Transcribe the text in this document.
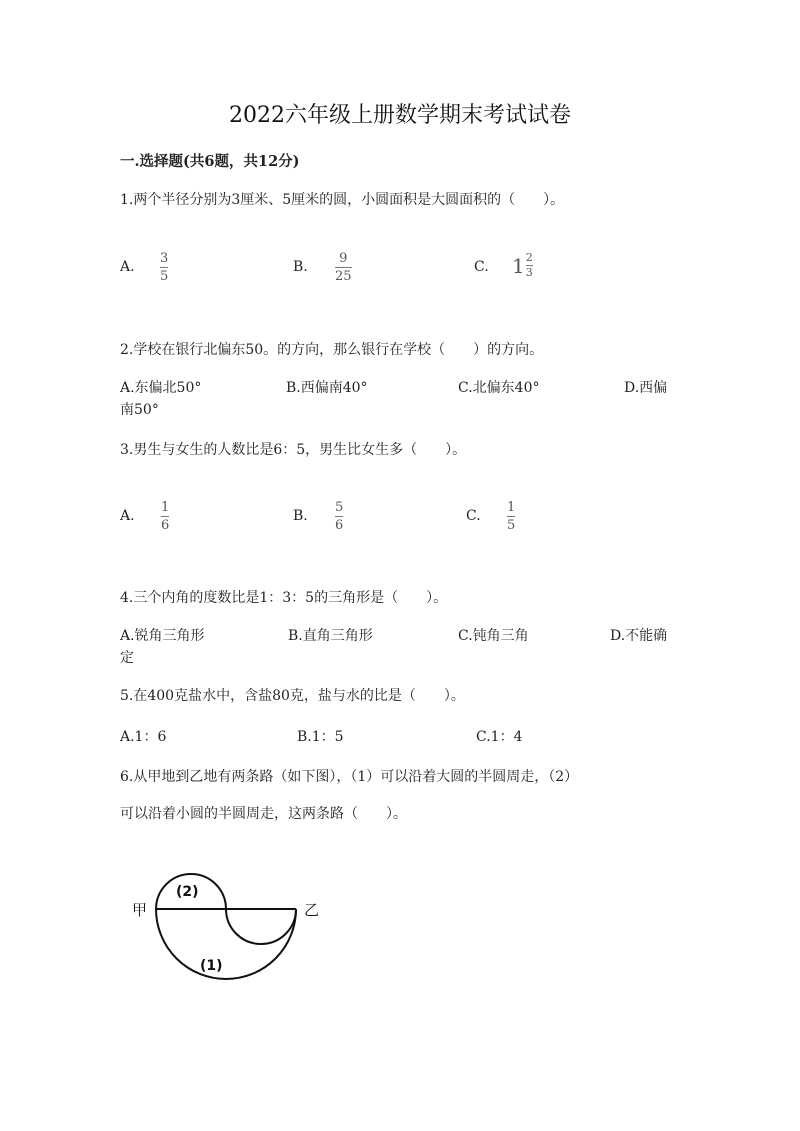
2022六年级上册数学期末考试试卷
一.选择题(共6题，共12分)
1.两个半径分别为3厘米、5厘米的圆，小圆面积是大圆面积的（　　）。
A.
3
5
B.
9
25
C. $1 \frac{2}{3}$
2.学校在银行北偏东50。的方向，那么银行在学校（　　）的方向。
A.东偏北50°	B.西偏南40°	C.北偏东40°	D.西偏
南50°
3.男生与女生的人数比是6：5，男生比女生多（　　）。
A.
1
6
B.
5
6
C.
1
5
4.三个内角的度数比是1：3：5的三角形是（　　）。
A.锐角三角形	B.直角三角形	C.钝角三角	D.不能确
定
5.在400克盐水中，含盐80克，盐与水的比是（　　）。
A.1：6	B.1：5	C.1：4
6.从甲地到乙地有两条路（如下图），（1）可以沿着大圆的半圆周走，（2）
可以沿着小圆的半圆周走，这两条路（　　）。
甲	乙
(2)
(1)
